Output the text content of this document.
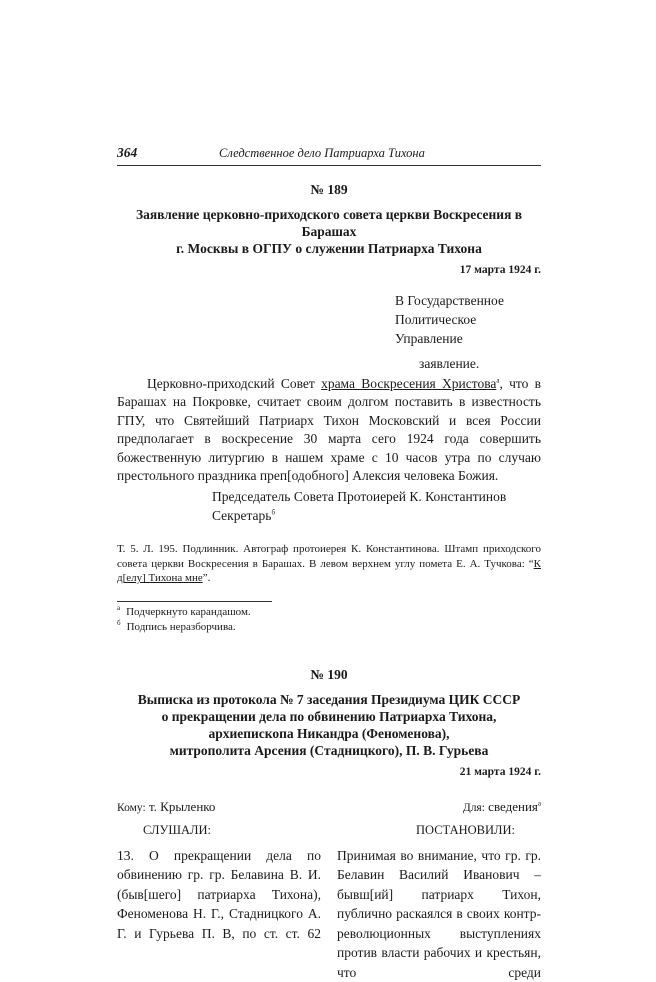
364	Следственное дело Патриарха Тихона
№ 189
Заявление церковно-приходского совета церкви Воскресения в Барашах
г. Москвы в ОГПУ о служении Патриарха Тихона
17 марта 1924 г.
В Государственное
Политическое Управление
заявление.

Церковно-приходский Совет храма Воскресения Христова$^а$, что в Барашах на Покровке, считает своим долгом поставить в известность ГПУ, что Святейший Патриарх Тихон Московский и всея России предполагает в воскресение 30 марта сего 1924 года совершить божественную литургию в нашем храме с 10 часов утра по случаю престольного праздника преп[одобного] Алексия человека Божия.

Председатель Совета Протоиерей К. Константинов
Секретарь$^б$
Т. 5. Л. 195. Подлинник. Автограф протоиерея К. Константинова. Штамп приходского совета церкви Воскресения в Барашах. В левом верхнем углу помета Е. А. Тучкова: “К д[елу] Тихона мне”.
$^а$ Подчеркнуто карандашом.
$^б$ Подпись неразборчива.
№ 190
Выписка из протокола № 7 заседания Президиума ЦИК СССР
о прекращении дела по обвинению Патриарха Тихона,
архиепископа Никандра (Феноменова),
митрополита Арсения (Стадницкого), П. В. Гурьева
21 марта 1924 г.
Кому: т. Крыленко	Для: сведения$^а$
СЛУШАЛИ:	ПОСТАНОВИЛИ:
13. О прекращении дела по обвинению гр. гр. Белавина В. И. (быв[шего] патриарха Тихона), Феноменова Н. Г., Стадницкого А. Г. и Гурьева П. В, по ст. ст. 62
Принимая во внимание, что гр. гр. Белавин Василий Иванович – бывш[ий] патриарх Тихон, публично раскаялся в своих контр-революционных выступлениях против власти рабочих и крестьян, что среди
